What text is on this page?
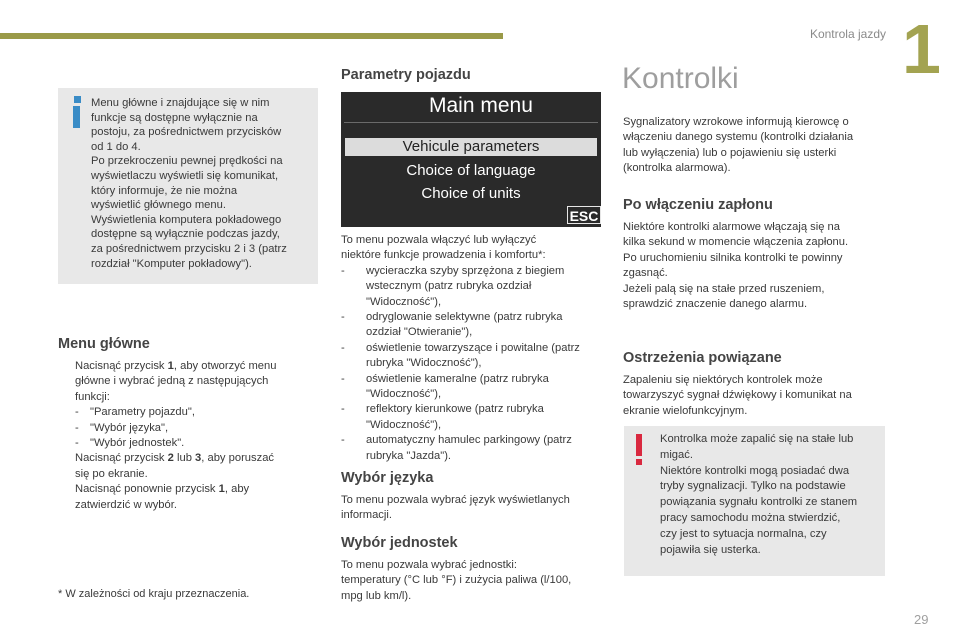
Kontrola jazdy 1
29
Menu główne i znajdujące się w nim
funkcje są dostępne wyłącznie na
postoju, za pośrednictwem przycisków
od 1 do 4.
Po przekroczeniu pewnej prędkości na
wyświetlaczu wyświetli się komunikat,
który informuje, że nie można
wyświetlić głównego menu.
Wyświetlenia komputera pokładowego
dostępne są wyłącznie podczas jazdy,
za pośrednictwem przycisku 2 i 3 (patrz
rozdział "Komputer pokładowy").
Menu główne
Nacisnąć przycisk 1, aby otworzyć menu
główne i wybrać jedną z następujących
funkcji:
- "Parametry pojazdu",
- "Wybór języka",
- "Wybór jednostek".
Nacisnąć przycisk 2 lub 3, aby poruszać
się po ekranie.
Nacisnąć ponownie przycisk 1, aby
zatwierdzić w wybór.
* W zależności od kraju przeznaczenia.
Parametry pojazdu
Main menu
Vehicule parameters
Choice of language
Choice of units
ESC
To menu pozwala włączyć lub wyłączyć
niektóre funkcje prowadzenia i komfortu*:
- wycieraczka szyby sprzężona z biegiem
wstecznym (patrz rubryka ozdział
"Widoczność"),
- odryglowanie selektywne (patrz rubryka
ozdział "Otwieranie"),
- oświetlenie towarzyszące i powitalne (patrz
rubryka "Widoczność"),
- oświetlenie kameralne (patrz rubryka
"Widoczność"),
- reflektory kierunkowe (patrz rubryka
"Widoczność"),
- automatyczny hamulec parkingowy (patrz
rubryka "Jazda").
Wybór języka
To menu pozwala wybrać język wyświetlanych
informacji.
Wybór jednostek
To menu pozwala wybrać jednostki:
temperatury (°C lub °F) i zużycia paliwa (l/100,
mpg lub km/l).
Kontrolki
Sygnalizatory wzrokowe informują kierowcę o
włączeniu danego systemu (kontrolki działania
lub wyłączenia) lub o pojawieniu się usterki
(kontrolka alarmowa).
Po włączeniu zapłonu
Niektóre kontrolki alarmowe włączają się na
kilka sekund w momencie włączenia zapłonu.
Po uruchomieniu silnika kontrolki te powinny
zgasnąć.
Jeżeli palą się na stałe przed ruszeniem,
sprawdzić znaczenie danego alarmu.
Ostrzeżenia powiązane
Zapaleniu się niektórych kontrolek może
towarzyszyć sygnał dźwiękowy i komunikat na
ekranie wielofunkcyjnym.
Kontrolka może zapalić się na stałe lub
migać.
Niektóre kontrolki mogą posiadać dwa
tryby sygnalizacji. Tylko na podstawie
powiązania sygnału kontrolki ze stanem
pracy samochodu można stwierdzić,
czy jest to sytuacja normalna, czy
pojawiła się usterka.
